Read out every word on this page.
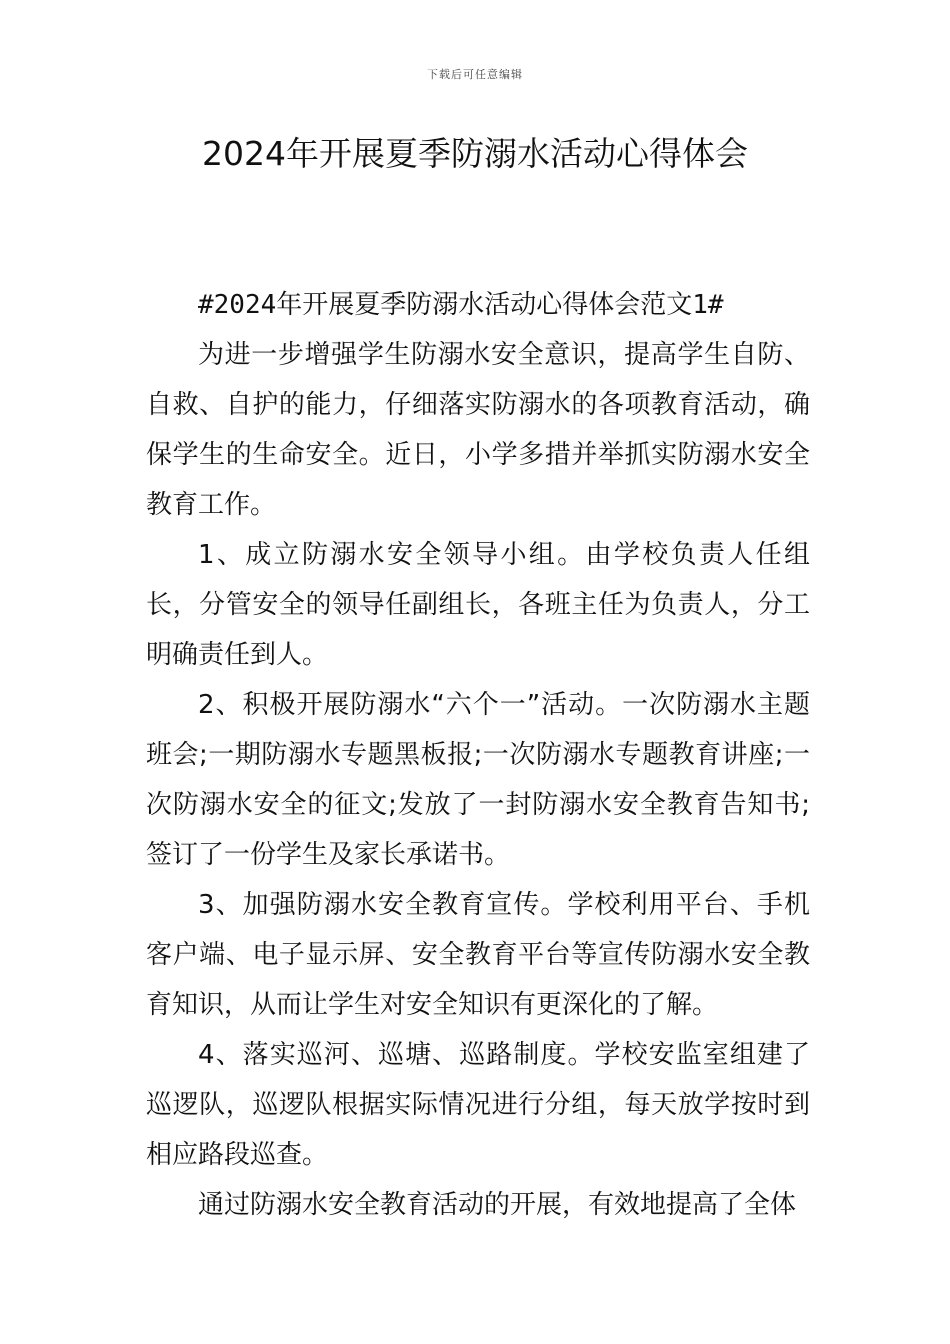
下载后可任意编辑
2024年开展夏季防溺水活动心得体会

#2024年开展夏季防溺水活动心得体会范文1#

为进一步增强学生防溺水安全意识，提高学生自防、自救、自护的能力，仔细落实防溺水的各项教育活动，确保学生的生命安全。近日，小学多措并举抓实防溺水安全教育工作。

1、成立防溺水安全领导小组。由学校负责人任组长，分管安全的领导任副组长，各班主任为负责人，分工明确责任到人。

2、积极开展防溺水“六个一”活动。一次防溺水主题班会;一期防溺水专题黑板报;一次防溺水专题教育讲座;一次防溺水安全的征文;发放了一封防溺水安全教育告知书;签订了一份学生及家长承诺书。

3、加强防溺水安全教育宣传。学校利用平台、手机客户端、电子显示屏、安全教育平台等宣传防溺水安全教育知识，从而让学生对安全知识有更深化的了解。

4、落实巡河、巡塘、巡路制度。学校安监室组建了巡逻队，巡逻队根据实际情况进行分组，每天放学按时到相应路段巡查。

通过防溺水安全教育活动的开展，有效地提高了全体
